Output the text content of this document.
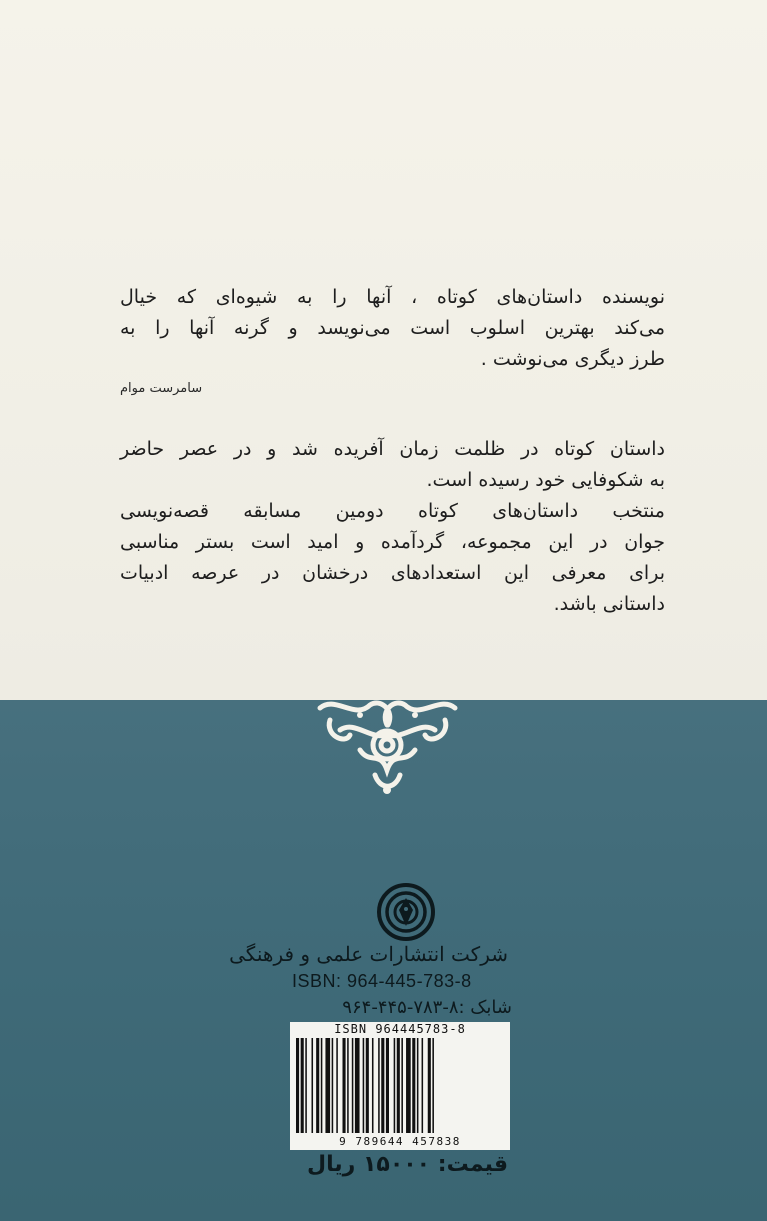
نویسنده داستان‌های کوتاه ، آنها را به شیوه‌ای که خیال
می‌کند بهترین اسلوب است می‌نویسد و گرنه آنها را به
طرز دیگری می‌نوشت .
سامرست موام
داستان کوتاه در ظلمت زمان آفریده شد و در عصر حاضر
به شکوفایی خود رسیده است.
منتخب داستان‌های کوتاه دومین مسابقه قصه‌نویسی
جوان در این مجموعه، گردآمده و امید است بستر مناسبی
برای معرفی این استعدادهای درخشان در عرصه ادبیات
داستانی باشد.
شرکت انتشارات علمی و فرهنگی
ISBN: 964-445-783-8
شابک :۸-۷۸۳-۴۴۵-۹۶۴
ISBN 964445783-8
9 789644 457838
قیمت: ۱۵۰۰۰ ریال
